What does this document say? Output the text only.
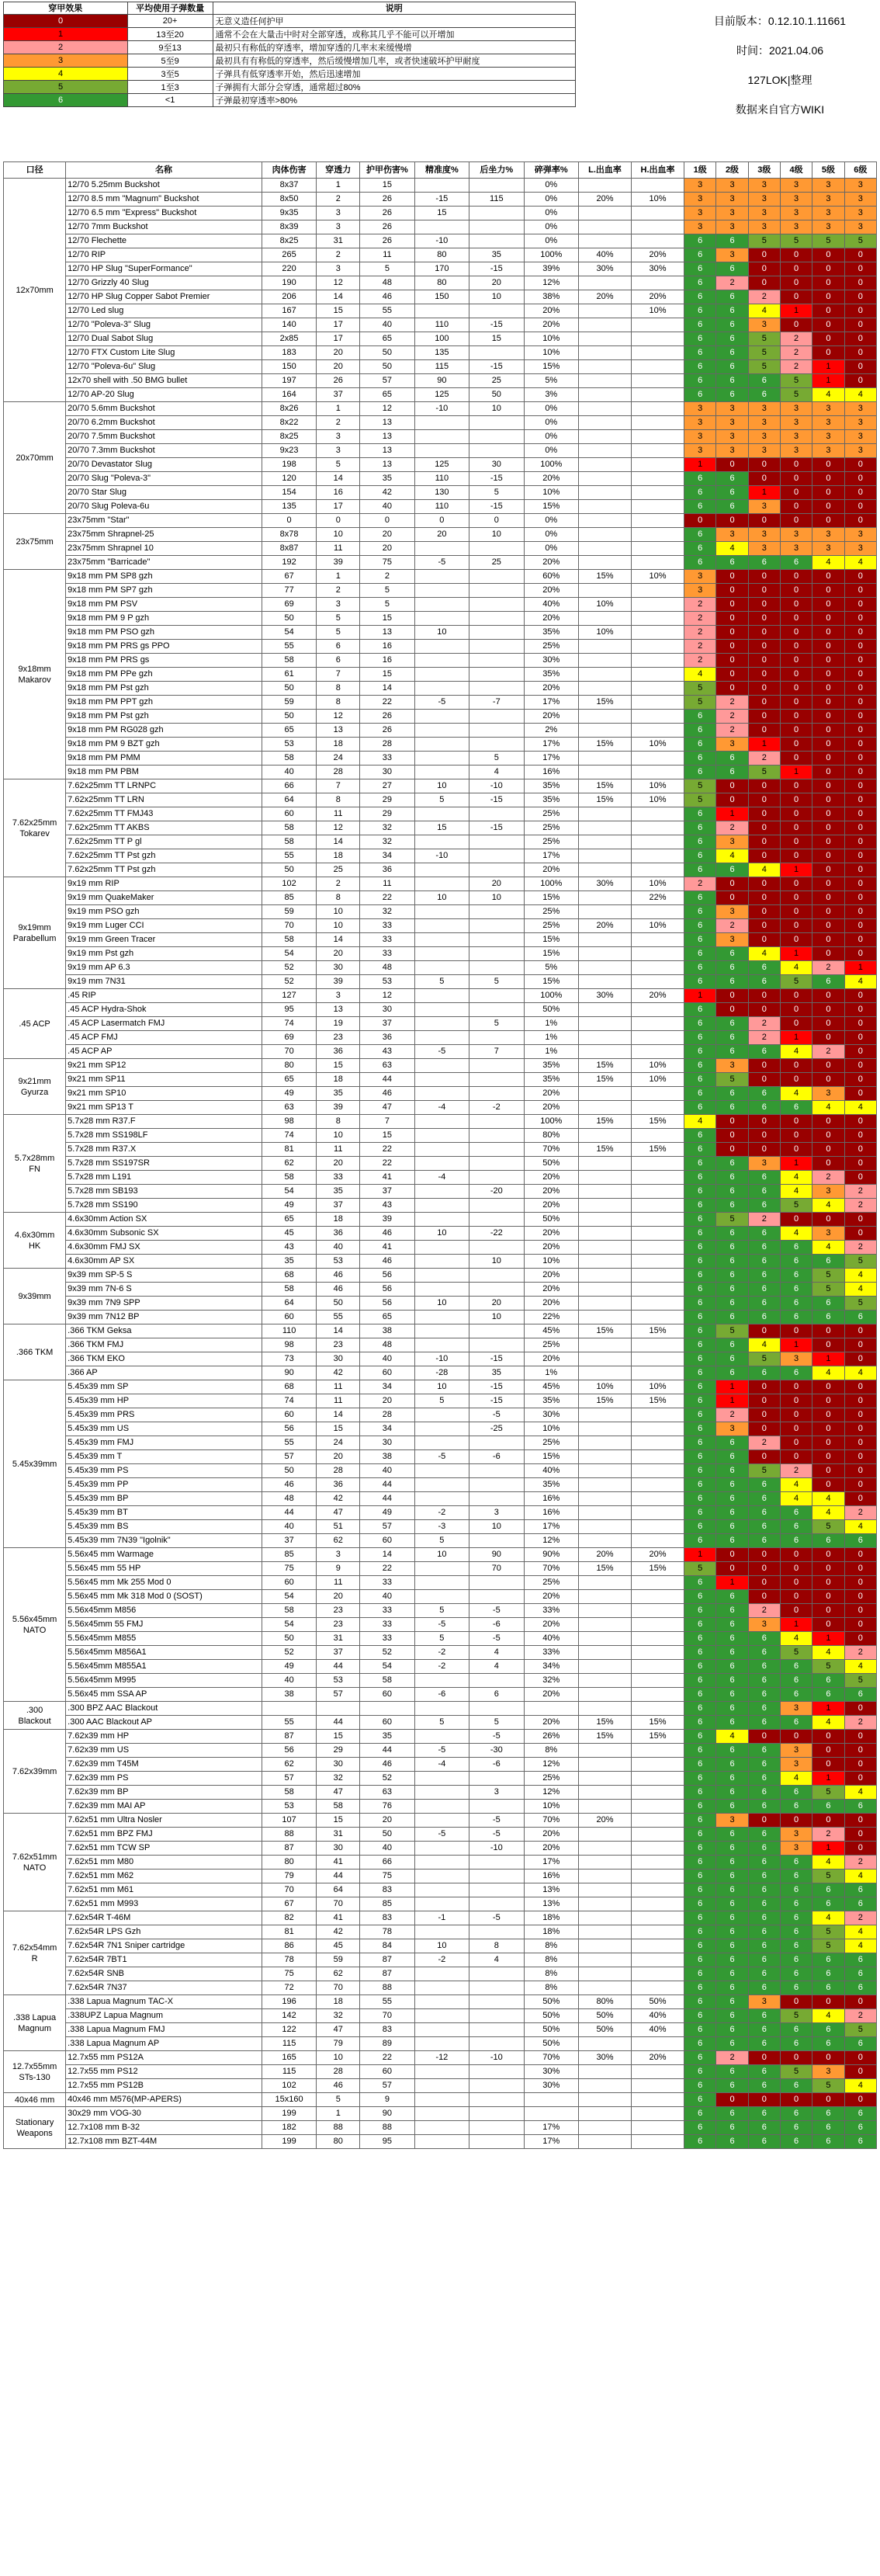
穿甲效果	平均使用子弹数量	说明
0	20+	无意义造任何护甲
1	13至20	通常不会在大量击中时对全部穿透，或称其几乎不能可以开增加
2	9至13	最初只有称低的穿透率，增加穿透的几率末来缓慢增
3	5至9	最初具有有称低的穿透率，然后缓慢增加几率，或者快速破坏护甲耐度
4	3至5	子弹具有低穿透率开始，然后迅速增加
5	1至3	子弹拥有大部分会穿透，通常超过80%
6	<1	子弹最初穿透率>80%
目前版本：0.12.10.1.11661
时间：2021.04.06
127LOK|整理
数据来自官方WIKI
口径	名称	肉体伤害	穿透力	护甲伤害%	精准度%	后坐力%	碎弹率%	L.出血率	H.出血率	1级	2级	3级	4级	5级	6级
12x70mm	12/70 5.25mm Buckshot	8x37	1	15			0%			3	3	3	3	3	3
	12/70 8.5 mm "Magnum" Buckshot	8x50	2	26	-15	115	0%	20%	10%	3	3	3	3	3	3
	12/70 6.5 mm "Express" Buckshot	9x35	3	26	15		0%			3	3	3	3	3	3
	12/70 7mm Buckshot	8x39	3	26			0%			3	3	3	3	3	3
	12/70 Flechette	8x25	31	26	-10		0%			6	6	5	5	5	5
	12/70 RIP	265	2	11	80	35	100%	40%	20%	6	3	0	0	0	0
	12/70 HP Slug "SuperFormance"	220	3	5	170	-15	39%	30%	30%	6	6	0	0	0	0
	12/70 Grizzly 40 Slug	190	12	48	80	20	12%			6	2	0	0	0	0
	12/70 HP Slug Copper Sabot Premier	206	14	46	150	10	38%	20%	20%	6	6	2	0	0	0
	12/70 Led slug	167	15	55			20%		10%	6	6	4	1	0	0
	12/70 "Poleva-3" Slug	140	17	40	110	-15	20%			6	6	3	0	0	0
	12/70 Dual Sabot Slug	2x85	17	65	100	15	10%			6	6	5	2	0	0
	12/70 FTX Custom Lite Slug	183	20	50	135		10%			6	6	5	2	0	0
	12/70 "Poleva-6u" Slug	150	20	50	115	-15	15%			6	6	5	2	1	0
	12x70 shell with .50 BMG bullet	197	26	57	90	25	5%			6	6	6	5	1	0
	12/70 AP-20 Slug	164	37	65	125	50	3%			6	6	6	5	4	4
20x70mm	20/70 5.6mm Buckshot	8x26	1	12	-10	10	0%			3	3	3	3	3	3
	20/70 6.2mm Buckshot	8x22	2	13			0%			3	3	3	3	3	3
	20/70 7.5mm Buckshot	8x25	3	13			0%			3	3	3	3	3	3
	20/70 7.3mm Buckshot	9x23	3	13			0%			3	3	3	3	3	3
	20/70 Devastator Slug	198	5	13	125	30	100%			1	0	0	0	0	0
	20/70 Slug "Poleva-3"	120	14	35	110	-15	20%			6	6	0	0	0	0
	20/70 Star Slug	154	16	42	130	5	10%			6	6	1	0	0	0
	20/70 Slug Poleva-6u	135	17	40	110	-15	15%			6	6	3	0	0	0
23x75mm	23x75mm "Star"	0	0	0	0	0	0%			0	0	0	0	0	0
	23x75mm Shrapnel-25	8x78	10	20	20	10	0%			6	3	3	3	3	3
	23x75mm Shrapnel 10	8x87	11	20			0%			6	4	3	3	3	3
	23x75mm "Barricade"	192	39	75	-5	25	20%			6	6	6	6	4	4
9x18mm
Makarov	9x18 mm PM SP8 gzh	67	1	2			60%	15%	10%	3	0	0	0	0	0
	9x18 mm PM SP7 gzh	77	2	5			20%			3	0	0	0	0	0
	9x18 mm PM PSV	69	3	5			40%	10%		2	0	0	0	0	0
	9x18 mm PM 9 P gzh	50	5	15			20%			2	0	0	0	0	0
	9x18 mm PM PSO gzh	54	5	13	10		35%	10%		2	0	0	0	0	0
	9x18 mm PM PRS gs PPO	55	6	16			25%			2	0	0	0	0	0
	9x18 mm PM PRS gs	58	6	16			30%			2	0	0	0	0	0
	9x18 mm PM PPe gzh	61	7	15			35%			4	0	0	0	0	0
	9x18 mm PM Pst gzh	50	8	14			20%			5	0	0	0	0	0
	9x18 mm PM PPT gzh	59	8	22	-5	-7	17%	15%		5	2	0	0	0	0
	9x18 mm PM Pst gzh	50	12	26			20%			6	2	0	0	0	0
	9x18 mm PM RG028 gzh	65	13	26			2%			6	2	0	0	0	0
	9x18 mm PM 9 BZT gzh	53	18	28			17%	15%	10%	6	3	1	0	0	0
	9x18 mm PM PMM	58	24	33		5	17%			6	6	2	0	0	0
	9x18 mm PM PBM	40	28	30		4	16%			6	6	5	1	0	0
7.62x25mm
Tokarev	7.62x25mm TT LRNPC	66	7	27	10	-10	35%	15%	10%	5	0	0	0	0	0
	7.62x25mm TT LRN	64	8	29	5	-15	35%	15%	10%	5	0	0	0	0	0
	7.62x25mm TT FMJ43	60	11	29			25%			6	1	0	0	0	0
	7.62x25mm TT AKBS	58	12	32	15	-15	25%			6	2	0	0	0	0
	7.62x25mm TT P gl	58	14	32			25%			6	3	0	0	0	0
	7.62x25mm TT Pst gzh	55	18	34	-10		17%			6	4	0	0	0	0
	7.62x25mm TT Pst gzh	50	25	36			20%			6	6	4	1	0	0
9x19mm
Parabellum	9x19 mm RIP	102	2	11		20	100%	30%	10%	2	0	0	0	0	0
	9x19 mm QuakeMaker	85	8	22	10	10	15%		22%	6	0	0	0	0	0
	9x19 mm PSO gzh	59	10	32			25%			6	3	0	0	0	0
	9x19 mm Luger CCI	70	10	33			25%	20%	10%	6	2	0	0	0	0
	9x19 mm Green Tracer	58	14	33			15%			6	3	0	0	0	0
	9x19 mm Pst gzh	54	20	33			15%			6	6	4	1	0	0
	9x19 mm AP 6.3	52	30	48			5%			6	6	6	4	2	1
	9x19 mm 7N31	52	39	53	5	5	15%			6	6	6	5	6	4
.45 ACP	.45 RIP	127	3	12			100%	30%	20%	1	0	0	0	0	0
	.45 ACP Hydra-Shok	95	13	30			50%			6	0	0	0	0	0
	.45 ACP Lasermatch FMJ	74	19	37		5	1%			6	6	2	0	0	0
	.45 ACP FMJ	69	23	36			1%			6	6	2	1	0	0
	.45 ACP AP	70	36	43	-5	7	1%			6	6	6	4	2	0
9x21mm
Gyurza	9x21 mm SP12	80	15	63			35%	15%	10%	6	3	0	0	0	0
	9x21 mm SP11	65	18	44			35%	15%	10%	6	5	0	0	0	0
	9x21 mm SP10	49	35	46			20%			6	6	6	4	3	0
	9x21 mm SP13 T	63	39	47	-4	-2	20%			6	6	6	6	4	4
5.7x28mm
FN	5.7x28 mm R37.F	98	8	7			100%	15%	15%	4	0	0	0	0	0
	5.7x28 mm SS198LF	74	10	15			80%			6	0	0	0	0	0
	5.7x28 mm R37.X	81	11	22			70%	15%	15%	6	0	0	0	0	0
	5.7x28 mm SS197SR	62	20	22			50%			6	6	3	1	0	0
	5.7x28 mm L191	58	33	41	-4		20%			6	6	6	4	2	0
	5.7x28 mm SB193	54	35	37		-20	20%			6	6	6	4	3	2
	5.7x28 mm SS190	49	37	43			20%			6	6	6	5	4	2
4.6x30mm
HK	4.6x30mm Action SX	65	18	39			50%			6	5	2	0	0	0
	4.6x30mm Subsonic SX	45	36	46	10	-22	20%			6	6	6	4	3	0
	4.6x30mm FMJ SX	43	40	41			20%			6	6	6	6	4	2
	4.6x30mm AP SX	35	53	46		10	10%			6	6	6	6	6	5
9x39mm	9x39 mm SP-5 S	68	46	56			20%			6	6	6	6	5	4
	9x39 mm 7N-6 S	58	46	56			20%			6	6	6	6	5	4
	9x39 mm 7N9 SPP	64	50	56	10	20	20%			6	6	6	6	6	5
	9x39 mm 7N12 BP	60	55	65		10	22%			6	6	6	6	6	6
.366 TKM	.366 TKM Geksa	110	14	38			45%	15%	15%	6	5	0	0	0	0
	.366 TKM FMJ	98	23	48			25%			6	6	4	1	0	0
	.366 TKM EKO	73	30	40	-10	-15	20%			6	6	5	3	1	0
	.366 AP	90	42	60	-28	35	1%			6	6	6	6	4	4
5.45x39mm	5.45x39 mm SP	68	11	34	10	-15	45%	10%	10%	6	1	0	0	0	0
	5.45x39 mm HP	74	11	20	5	-15	35%	15%	15%	6	1	0	0	0	0
	5.45x39 mm PRS	60	14	28		-5	30%			6	2	0	0	0	0
	5.45x39 mm US	56	15	34		-25	10%			6	3	0	0	0	0
	5.45x39 mm FMJ	55	24	30			25%			6	6	2	0	0	0
	5.45x39 mm T	57	20	38	-5	-6	15%			6	6	0	0	0	0
	5.45x39 mm PS	50	28	40			40%			6	6	5	2	0	0
	5.45x39 mm PP	46	36	44			35%			6	6	6	4	0	0
	5.45x39 mm BP	48	42	44			16%			6	6	6	4	4	0
	5.45x39 mm BT	44	47	49	-2	3	16%			6	6	6	6	4	2
	5.45x39 mm BS	40	51	57	-3	10	17%			6	6	6	6	5	4
	5.45x39 mm 7N39 "Igolnik"	37	62	60	5		12%			6	6	6	6	6	6
5.56x45mm
NATO	5.56x45 mm Warmage	85	3	14	10	90	90%	20%	20%	1	0	0	0	0	0
	5.56x45 mm 55 HP	75	9	22		70	70%	15%	15%	5	0	0	0	0	0
	5.56x45 mm Mk 255 Mod 0	60	11	33			25%			6	1	0	0	0	0
	5.56x45 mm Mk 318 Mod 0 (SOST)	54	20	40			20%			6	6	0	0	0	0
	5.56x45mm M856	58	23	33	5	-5	33%			6	6	2	0	0	0
	5.56x45mm 55 FMJ	54	23	33	-5	-6	20%			6	6	3	1	0	0
	5.56x45mm M855	50	31	33	5	-5	40%			6	6	6	4	1	0
	5.56x45mm M856A1	52	37	52	-2	4	33%			6	6	6	5	4	2
	5.56x45mm M855A1	49	44	54	-2	4	34%			6	6	6	6	5	4
	5.56x45mm M995	40	53	58			32%			6	6	6	6	6	5
	5.56x45 mm SSA AP	38	57	60	-6	6	20%			6	6	6	6	6	6
.300
Blackout	.300 BPZ AAC Blackout									6	6	6	3	1	0
	.300 AAC Blackout AP	55	44	60	5	5	20%	15%	15%	6	6	6	6	4	2
7.62x39mm	7.62x39 mm HP	87	15	35		-5	26%	15%	15%	6	4	0	0	0	0
	7.62x39 mm US	56	29	44	-5	-30	8%			6	6	6	3	0	0
	7.62x39 mm T45M	62	30	46	-4	-6	12%			6	6	6	3	0	0
	7.62x39 mm PS	57	32	52			25%			6	6	6	4	1	0
	7.62x39 mm BP	58	47	63		3	12%			6	6	6	6	5	4
	7.62x39 mm MAI AP	53	58	76			10%			6	6	6	6	6	6
7.62x51mm
NATO	7.62x51 mm Ultra Nosler	107	15	20		-5	70%	20%		6	3	0	0	0	0
	7.62x51 mm BPZ FMJ	88	31	50	-5	-5	20%			6	6	6	3	2	0
	7.62x51 mm TCW SP	87	30	40		-10	20%			6	6	6	3	1	0
	7.62x51 mm M80	80	41	66			17%			6	6	6	6	4	2
	7.62x51 mm M62	79	44	75			16%			6	6	6	6	5	4
	7.62x51 mm M61	70	64	83			13%			6	6	6	6	6	6
	7.62x51 mm M993	67	70	85			13%			6	6	6	6	6	6
7.62x54mm
R	7.62x54R T-46M	82	41	83	-1	-5	18%			6	6	6	6	4	2
	7.62x54R LPS Gzh	81	42	78			18%			6	6	6	6	5	4
	7.62x54R 7N1 Sniper cartridge	86	45	84	10	8	8%			6	6	6	6	5	4
	7.62x54R 7BT1	78	59	87	-2	4	8%			6	6	6	6	6	6
	7.62x54R SNB	75	62	87			8%			6	6	6	6	6	6
	7.62x54R 7N37	72	70	88			8%			6	6	6	6	6	6
.338 Lapua
Magnum	.338 Lapua Magnum TAC-X	196	18	55			50%	80%	50%	6	6	3	0	0	0
	.338UPZ Lapua Magnum	142	32	70			50%	50%	40%	6	6	6	5	4	2
	.338 Lapua Magnum FMJ	122	47	83			50%	50%	40%	6	6	6	6	6	5
	.338 Lapua Magnum AP	115	79	89			50%			6	6	6	6	6	6
12.7x55mm
STs-130	12.7x55 mm PS12A	165	10	22	-12	-10	70%	30%	20%	6	2	0	0	0	0
	12.7x55 mm PS12	115	28	60			30%			6	6	6	5	3	0
	12.7x55 mm PS12B	102	46	57			30%			6	6	6	6	5	4
40x46 mm	40x46 mm M576(MP-APERS)	15x160	5	9						6	0	0	0	0	0
Stationary
Weapons	30x29 mm VOG-30	199	1	90						6	6	6	6	6	6
	12.7x108 mm B-32	182	88	88			17%			6	6	6	6	6	6
	12.7x108 mm BZT-44M	199	80	95			17%			6	6	6	6	6	6
